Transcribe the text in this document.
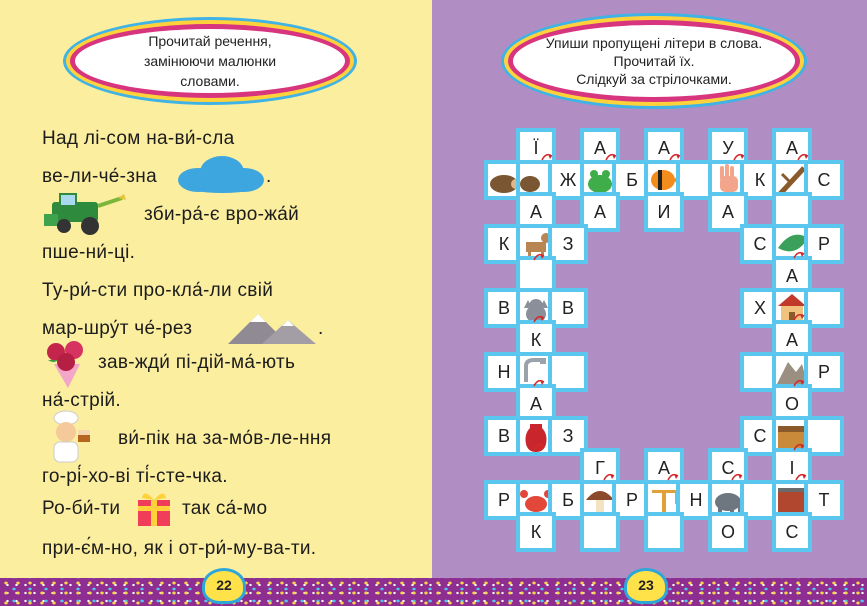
Прочитай речення, замінюючи малюнки словами.
Над лі-сом на-ви́-сла
ве-ли-че́-зна	.
зби-ра́-є вро-жа́й
пше-ни́-ці.
Ту-ри́-сти про-кла́-ли свій
мар-шру́т че́-рез	.
зав-жди́ пі-дій-ма́-ють
на́-стрій.
ви́-пік на за-мо́в-ле-ння
го-рі́-хо-ві ті́-сте-чка.
Ро-би́-ти	так са́-мо
при-є́м-но, як і от-ри́-му-ва-ти.
22
Упиши пропущені літери в слова.
Прочитай їх.
Слідкуй за стрілочками.
Ї	А	А	У	А
Ж	Б	К	С
А	А	И	А
К	З	С	Р
А
В	В	Х
К	А
Н	Р
А	О
В	З	С
Г	А	С	І
Р	Б	Р	Н	Т
К	О	С
23
